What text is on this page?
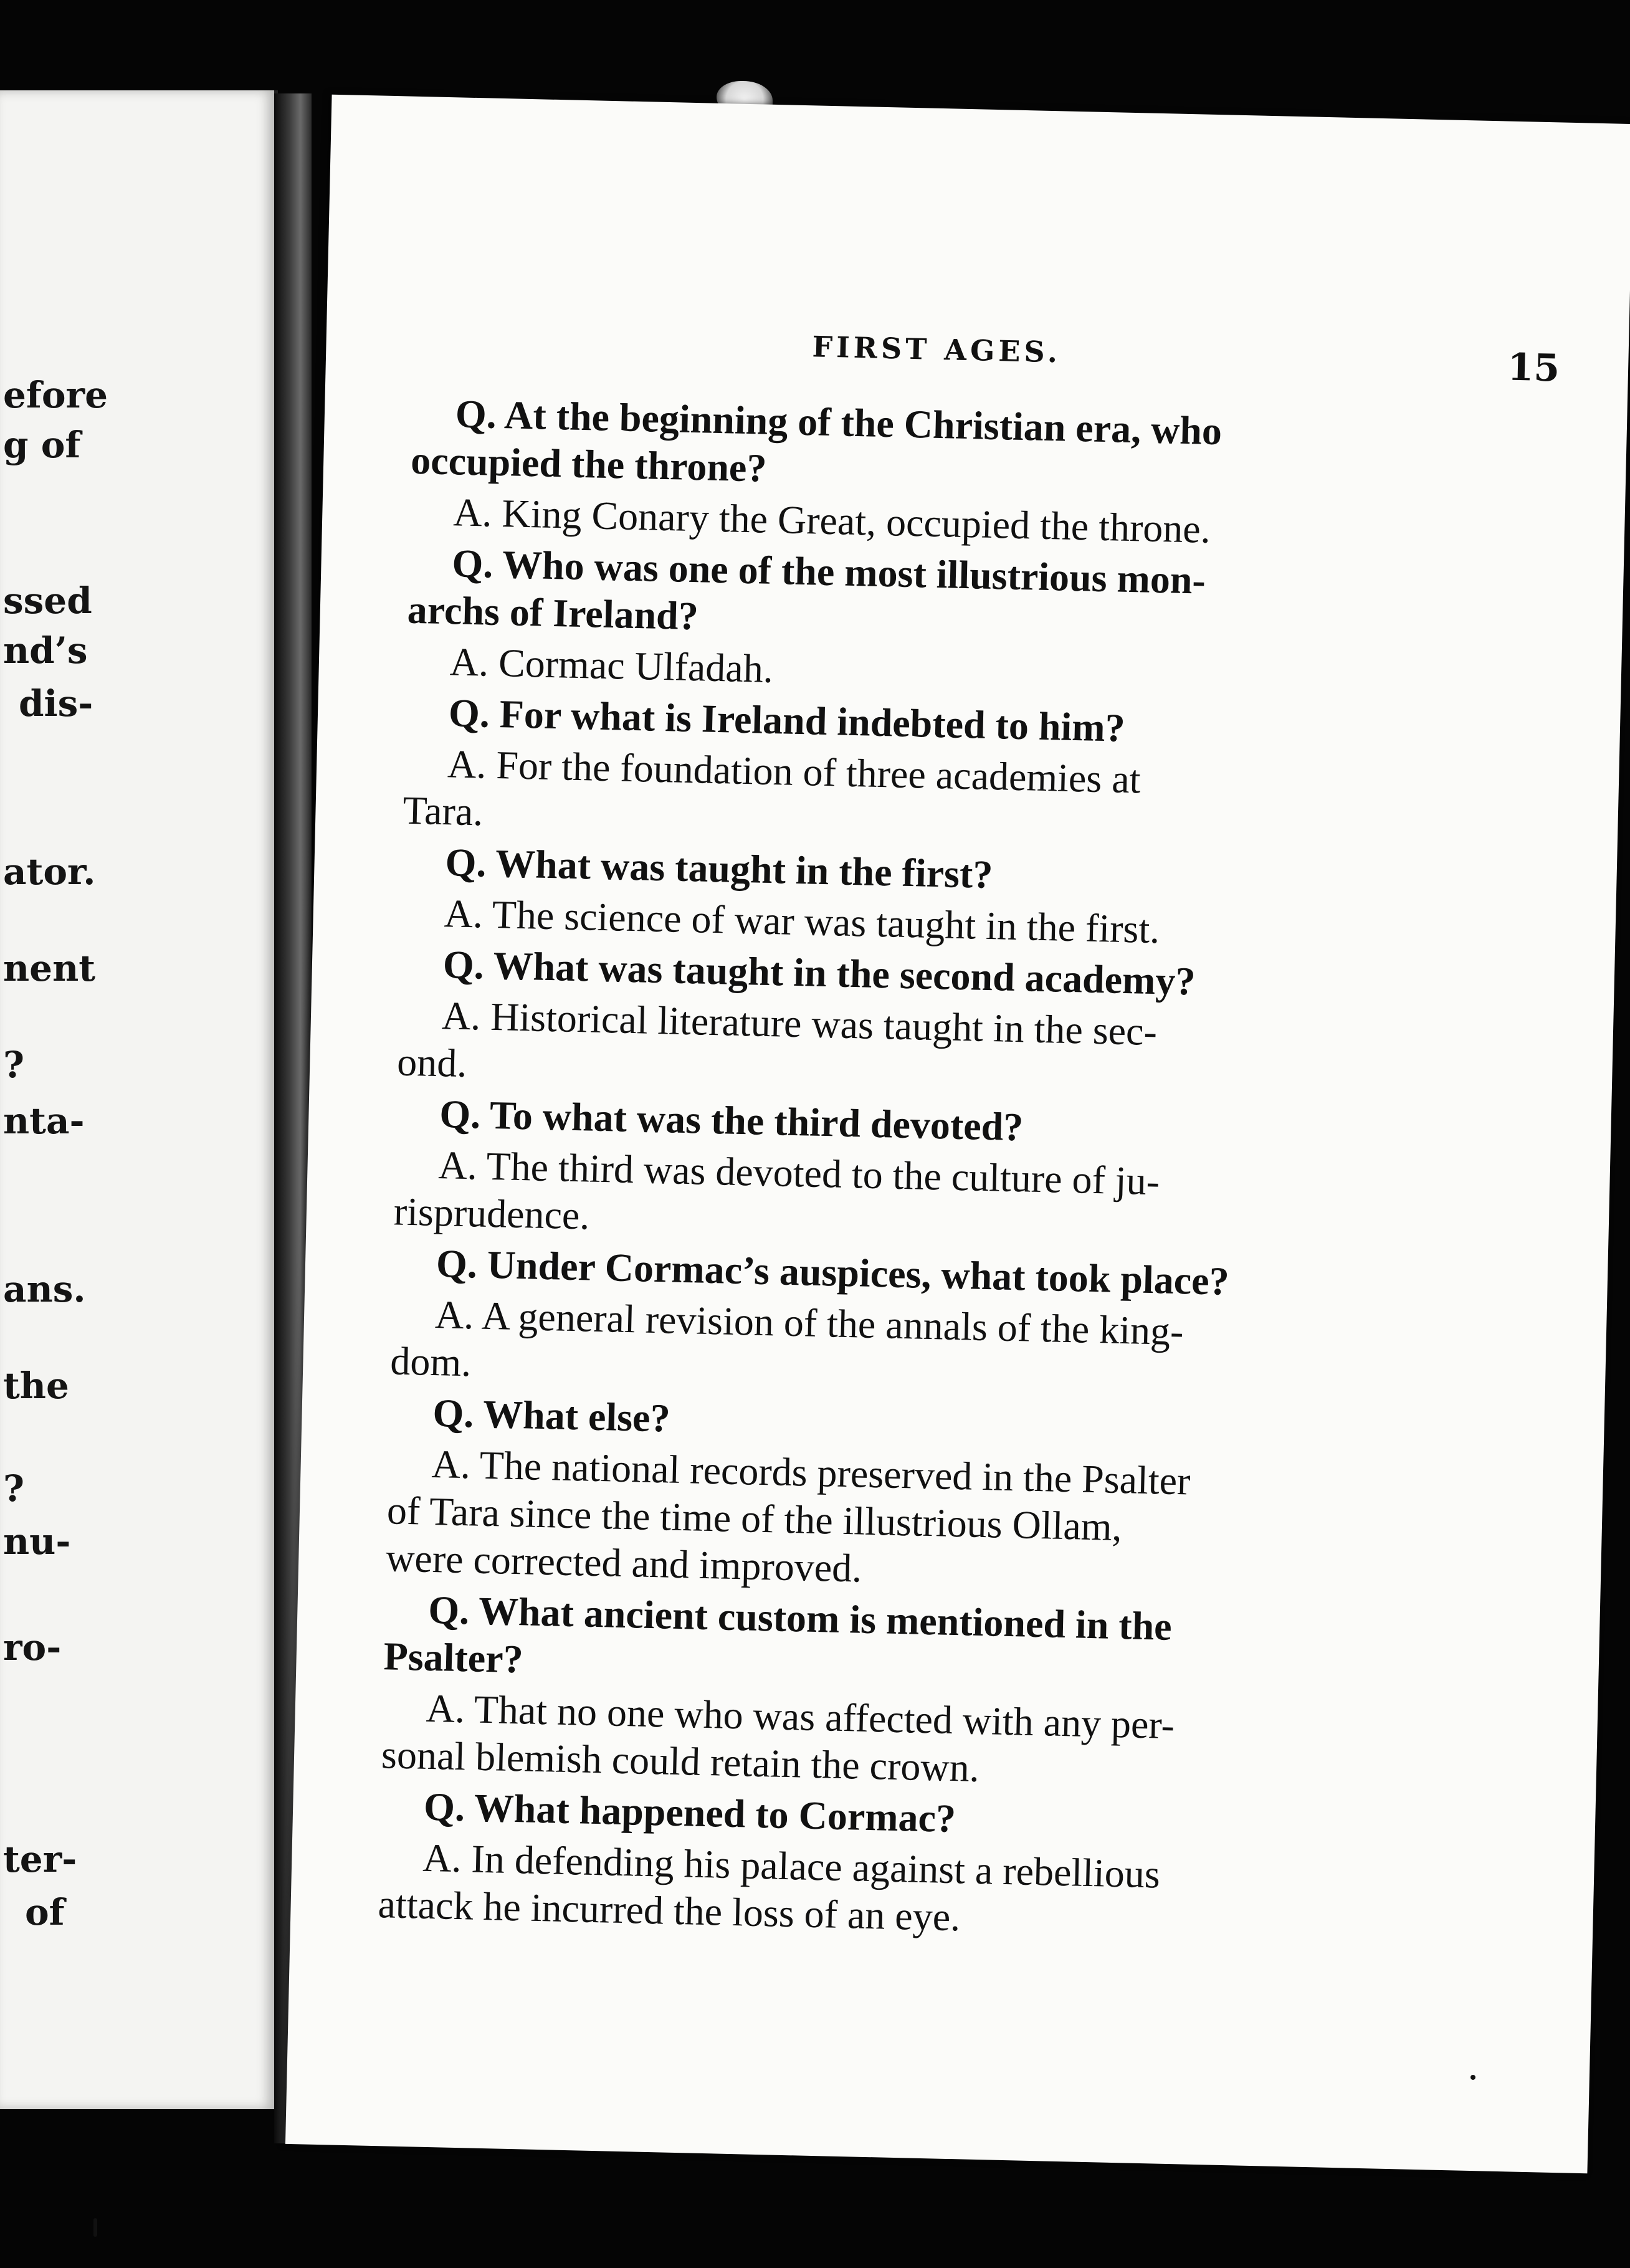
efore
g of
ssed
nd’s
dis-
ator.
nent
?
nta-
ans.
the
?
nu-
ro-
ter-
of
FIRST AGES.	15
Q. At the beginning of the Christian era, who
occupied the throne?
A. King Conary the Great, occupied the throne.
Q. Who was one of the most illustrious mon-
archs of Ireland?
A. Cormac Ulfadah.
Q. For what is Ireland indebted to him?
A. For the foundation of three academies at
Tara.
Q. What was taught in the first?
A. The science of war was taught in the first.
Q. What was taught in the second academy?
A. Historical literature was taught in the sec-
ond.
Q. To what was the third devoted?
A. The third was devoted to the culture of ju-
risprudence.
Q. Under Cormac’s auspices, what took place?
A. A general revision of the annals of the king-
dom.
Q. What else?
A. The national records preserved in the Psalter
of Tara since the time of the illustrious Ollam,
were corrected and improved.
Q. What ancient custom is mentioned in the
Psalter?
A. That no one who was affected with any per-
sonal blemish could retain the crown.
Q. What happened to Cormac?
A. In defending his palace against a rebellious
attack he incurred the loss of an eye.
